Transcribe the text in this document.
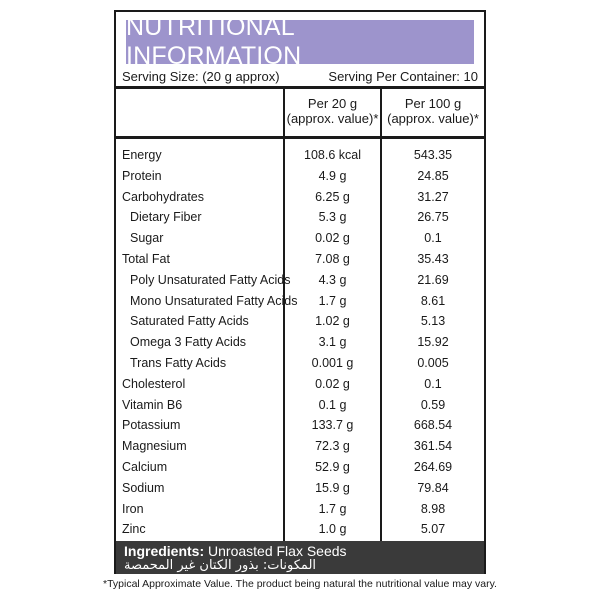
NUTRITIONAL INFORMATION
Serving Size: (20 g approx)	Serving Per Container: 10
Per 20 g
(approx. value)*
Per 100 g
(approx. value)*
Energy	108.6 kcal	543.35
Protein	4.9 g	24.85
Carbohydrates	6.25 g	31.27
Dietary Fiber	5.3 g	26.75
Sugar	0.02 g	0.1
Total Fat	7.08 g	35.43
Poly Unsaturated Fatty Acids	4.3 g	21.69
Mono Unsaturated Fatty Acids	1.7 g	8.61
Saturated Fatty Acids	1.02 g	5.13
Omega 3 Fatty Acids	3.1 g	15.92
Trans Fatty Acids	0.001 g	0.005
Cholesterol	0.02 g	0.1
Vitamin B6	0.1 g	0.59
Potassium	133.7 g	668.54
Magnesium	72.3 g	361.54
Calcium	52.9 g	264.69
Sodium	15.9 g	79.84
Iron	1.7 g	8.98
Zinc	1.0 g	5.07
Ingredients: Unroasted Flax Seeds
المكونات: بذور الكتان غير المحمصة
*Typical Approximate Value. The product being natural the nutritional value may vary.
